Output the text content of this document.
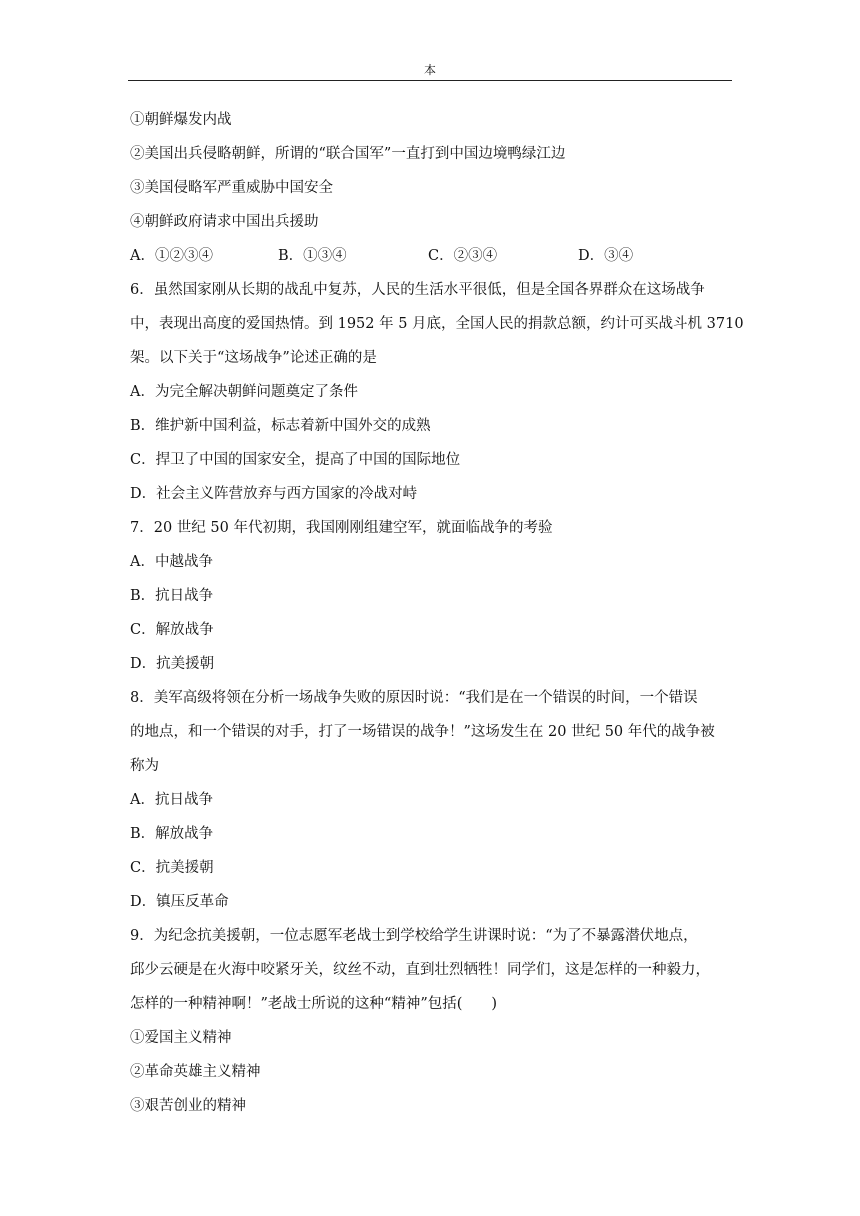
本
①朝鲜爆发内战
②美国出兵侵略朝鲜，所谓的“联合国军”一直打到中国边境鸭绿江边
③美国侵略军严重威胁中国安全
④朝鲜政府请求中国出兵援助
A．①②③④	B．①③④	C．②③④	D．③④
6．虽然国家刚从长期的战乱中复苏，人民的生活水平很低，但是全国各界群众在这场战争
中，表现出高度的爱国热情。到 1952 年 5 月底，全国人民的捐款总额，约计可买战斗机 3710
架。以下关于“这场战争”论述正确的是
A．为完全解决朝鲜问题奠定了条件
B．维护新中国利益，标志着新中国外交的成熟
C．捍卫了中国的国家安全，提高了中国的国际地位
D．社会主义阵营放弃与西方国家的冷战对峙
7．20 世纪 50 年代初期，我国刚刚组建空军，就面临战争的考验
A．中越战争
B．抗日战争
C．解放战争
D．抗美援朝
8．美军高级将领在分析一场战争失败的原因时说：“我们是在一个错误的时间，一个错误
的地点，和一个错误的对手，打了一场错误的战争！”这场发生在 20 世纪 50 年代的战争被
称为
A．抗日战争
B．解放战争
C．抗美援朝
D．镇压反革命
9．为纪念抗美援朝，一位志愿军老战士到学校给学生讲课时说：“为了不暴露潜伏地点，
邱少云硬是在火海中咬紧牙关，纹丝不动，直到壮烈牺牲！同学们，这是怎样的一种毅力，
怎样的一种精神啊！”老战士所说的这种“精神”包括(　　)
①爱国主义精神
②革命英雄主义精神
③艰苦创业的精神
